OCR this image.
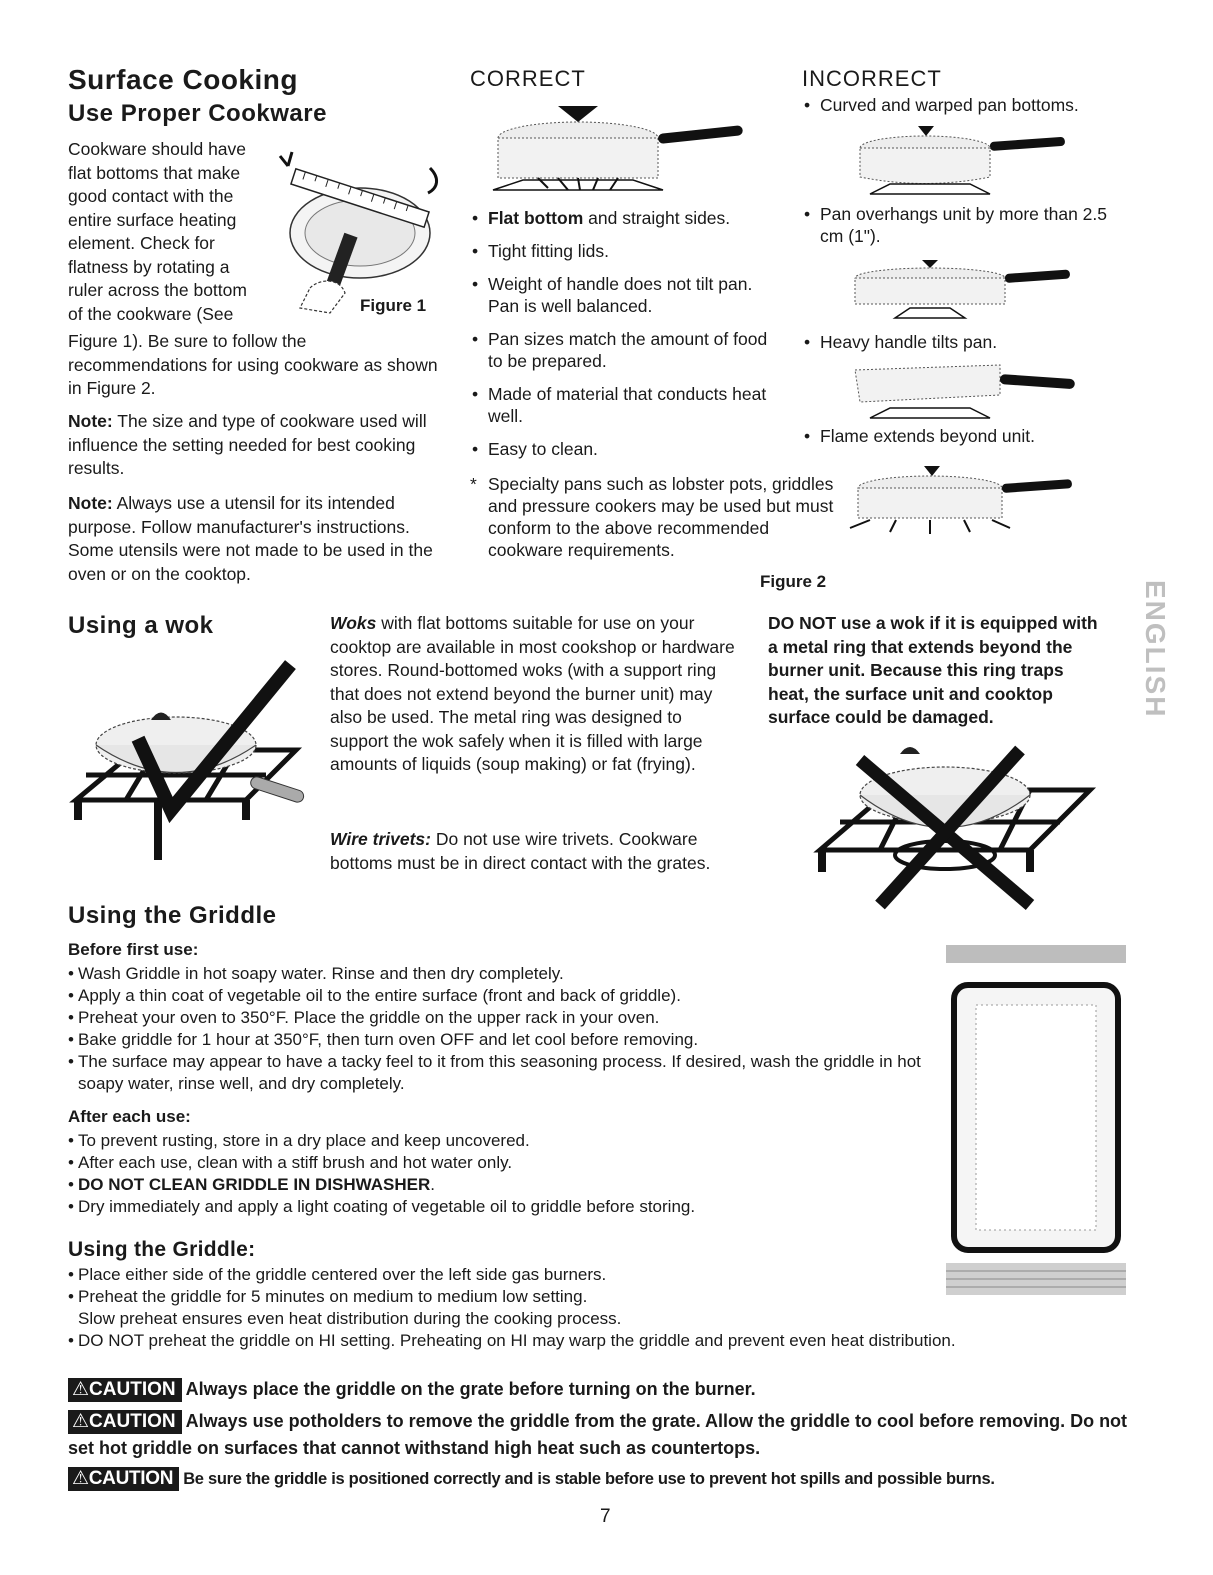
Surface Cooking
Use Proper Cookware
Cookware should have
flat bottoms that make
good contact with the
entire surface heating
element. Check for
flatness by rotating a
ruler across the bottom
of the cookware (See	Figure 1
Figure 1). Be sure to follow the recommendations for using cookware as shown in Figure 2.
Note: The size and type of cookware used will influence the setting needed for best cooking results.
Note: Always use a utensil for its intended purpose. Follow manufacturer's instructions. Some utensils were not made to be used in the oven or on the cooktop.
CORRECT
• Flat bottom and straight sides.
• Tight fitting lids.
• Weight of handle does not tilt pan. Pan is well balanced.
• Pan sizes match the amount of food to be prepared.
• Made of material that conducts heat well.
• Easy to clean.
* Specialty pans such as lobster pots, griddles and pressure cookers may be used but must conform to the above recommended cookware requirements.
INCORRECT
• Curved and warped pan bottoms.
• Pan overhangs unit by more than 2.5 cm (1").
• Heavy handle tilts pan.
• Flame extends beyond unit.
Figure 2	ENGLISH
Using a wok	Woks with flat bottoms suitable for use on your cooktop are available in most cookshop or hardware stores. Round-bottomed woks (with a support ring that does not extend beyond the burner unit) may also be used. The metal ring was designed to support the wok safely when it is filled with large amounts of liquids (soup making) or fat (frying).
Wire trivets: Do not use wire trivets. Cookware bottoms must be in direct contact with the grates.
DO NOT use a wok if it is equipped with a metal ring that extends beyond the burner unit. Because this ring traps heat, the surface unit and cooktop surface could be damaged.
Using the Griddle
Before first use:
• Wash Griddle in hot soapy water. Rinse and then dry completely.
• Apply a thin coat of vegetable oil to the entire surface (front and back of griddle).
• Preheat your oven to 350°F. Place the griddle on the upper rack in your oven.
• Bake griddle for 1 hour at 350°F, then turn oven OFF and let cool before removing.
• The surface may appear to have a tacky feel to it from this seasoning process. If desired, wash the griddle in hot soapy water, rinse well, and dry completely.
After each use:
• To prevent rusting, store in a dry place and keep uncovered.
• After each use, clean with a stiff brush and hot water only.
• DO NOT CLEAN GRIDDLE IN DISHWASHER.
• Dry immediately and apply a light coating of vegetable oil to griddle before storing.
Using the Griddle:
• Place either side of the griddle centered over the left side gas burners.
• Preheat the griddle for 5 minutes on medium to medium low setting.
Slow preheat ensures even heat distribution during the cooking process.
• DO NOT preheat the griddle on HI setting. Preheating on HI may warp the griddle and prevent even heat distribution.
⚠CAUTION Always place the griddle on the grate before turning on the burner.
⚠CAUTION Always use potholders to remove the griddle from the grate. Allow the griddle to cool before removing. Do not set hot griddle on surfaces that cannot withstand high heat such as countertops.
⚠CAUTION Be sure the griddle is positioned correctly and is stable before use to prevent hot spills and possible burns.
7
